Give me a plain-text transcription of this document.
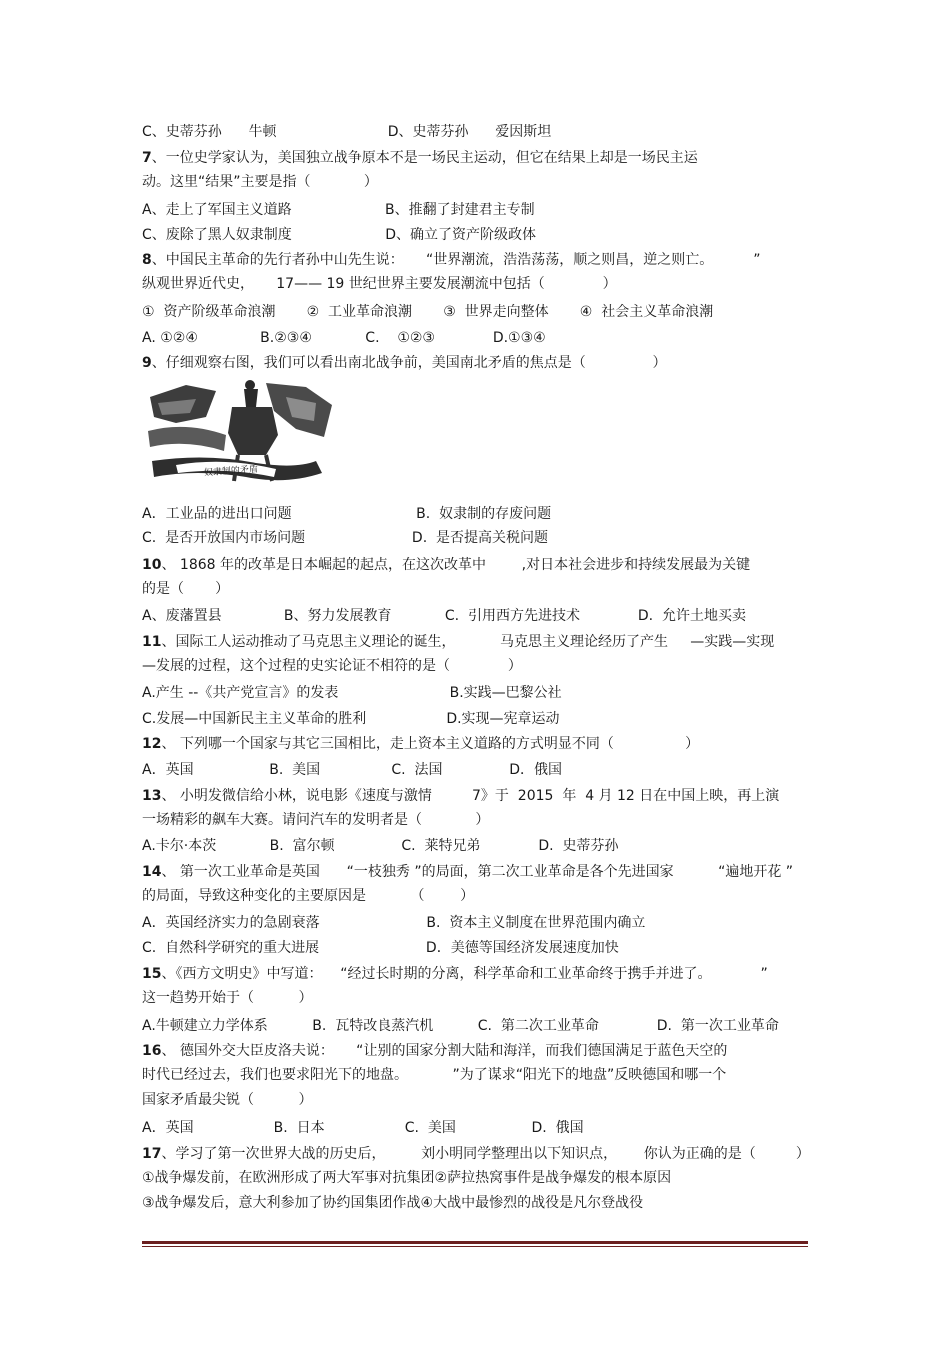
C、史蒂芬孙      牛顿                         D、史蒂芬孙      爱因斯坦
7、一位史学家认为，美国独立战争原本不是一场民主运动，但它在结果上却是一场民主运
动。这里“结果”主要是指（            ）
A、走上了军国主义道路                     B、推翻了封建君主专制
C、废除了黑人奴隶制度                     D、确立了资产阶级政体
8、中国民主革命的先行者孙中山先生说：     “世界潮流，浩浩荡荡，顺之则昌，逆之则亡。         ”
纵观世界近代史，     17—— 19 世纪世界主要发展潮流中包括（             ）
①  资产阶级革命浪潮       ②  工业革命浪潮       ③  世界走向整体       ④  社会主义革命浪潮
A. ①②④              B.②③④            C.    ①②③             D.①③④
9、仔细观察右图，我们可以看出南北战争前，美国南北矛盾的焦点是（               ）
奴隶制的矛盾
A．工业品的进出口问题                            B.  奴隶制的存废问题
C.  是否开放国内市场问题                        D.  是否提高关税问题
10、 1868 年的改革是日本崛起的起点，在这次改革中        ,对日本社会进步和持续发展最为关键
的是（       ）
A、废藩置县              B、努力发展教育            C.  引用西方先进技术             D.  允许土地买卖
11、国际工人运动推动了马克思主义理论的诞生，          马克思主义理论经历了产生     —实践—实现
—发展的过程，这个过程的史实论证不相符的是（             ）
A.产生 --《共产党宣言》的发表                         B.实践—巴黎公社
C.发展—中国新民主主义革命的胜利                  D.实现—宪章运动
12、 下列哪一个国家与其它三国相比，走上资本主义道路的方式明显不同（                ）
A．英国                 B.  美国                C.  法国               D．俄国
13、 小明发微信给小林，说电影《速度与激情         7》于  2015  年  4 月 12 日在中国上映，再上演
一场精彩的飙车大赛。请问汽车的发明者是（            ）
A.卡尔·本茨            B.  富尔顿               C.  莱特兄弟             D.  史蒂芬孙
14、 第一次工业革命是英国      “一枝独秀 ”的局面，第二次工业革命是各个先进国家          “遍地开花 ”
的局面，导致这种变化的主要原因是          （        ）
A．英国经济实力的急剧衰落                        B.  资本主义制度在世界范围内确立
C.  自然科学研究的重大进展                        D．美德等国经济发展速度加快
15、《西方文明史》中写道：    “经过长时期的分离，科学革命和工业革命终于携手并进了。           ”
这一趋势开始于（          ）
A.牛顿建立力学体系          B.  瓦特改良蒸汽机          C.  第二次工业革命             D.  第一次工业革命
16、 德国外交大臣皮洛夫说：     “让别的国家分割大陆和海洋，而我们德国满足于蓝色天空的
时代已经过去，我们也要求阳光下的地盘。          ”为了谋求“阳光下的地盘”反映德国和哪一个
国家矛盾最尖锐（          ）
A．英国                  B.  日本                  C.  美国                 D.  俄国
17、学习了第一次世界大战的历史后，        刘小明同学整理出以下知识点，      你认为正确的是（         ）
①战争爆发前，在欧洲形成了两大军事对抗集团②萨拉热窝事件是战争爆发的根本原因
③战争爆发后，意大利参加了协约国集团作战④大战中最惨烈的战役是凡尔登战役
